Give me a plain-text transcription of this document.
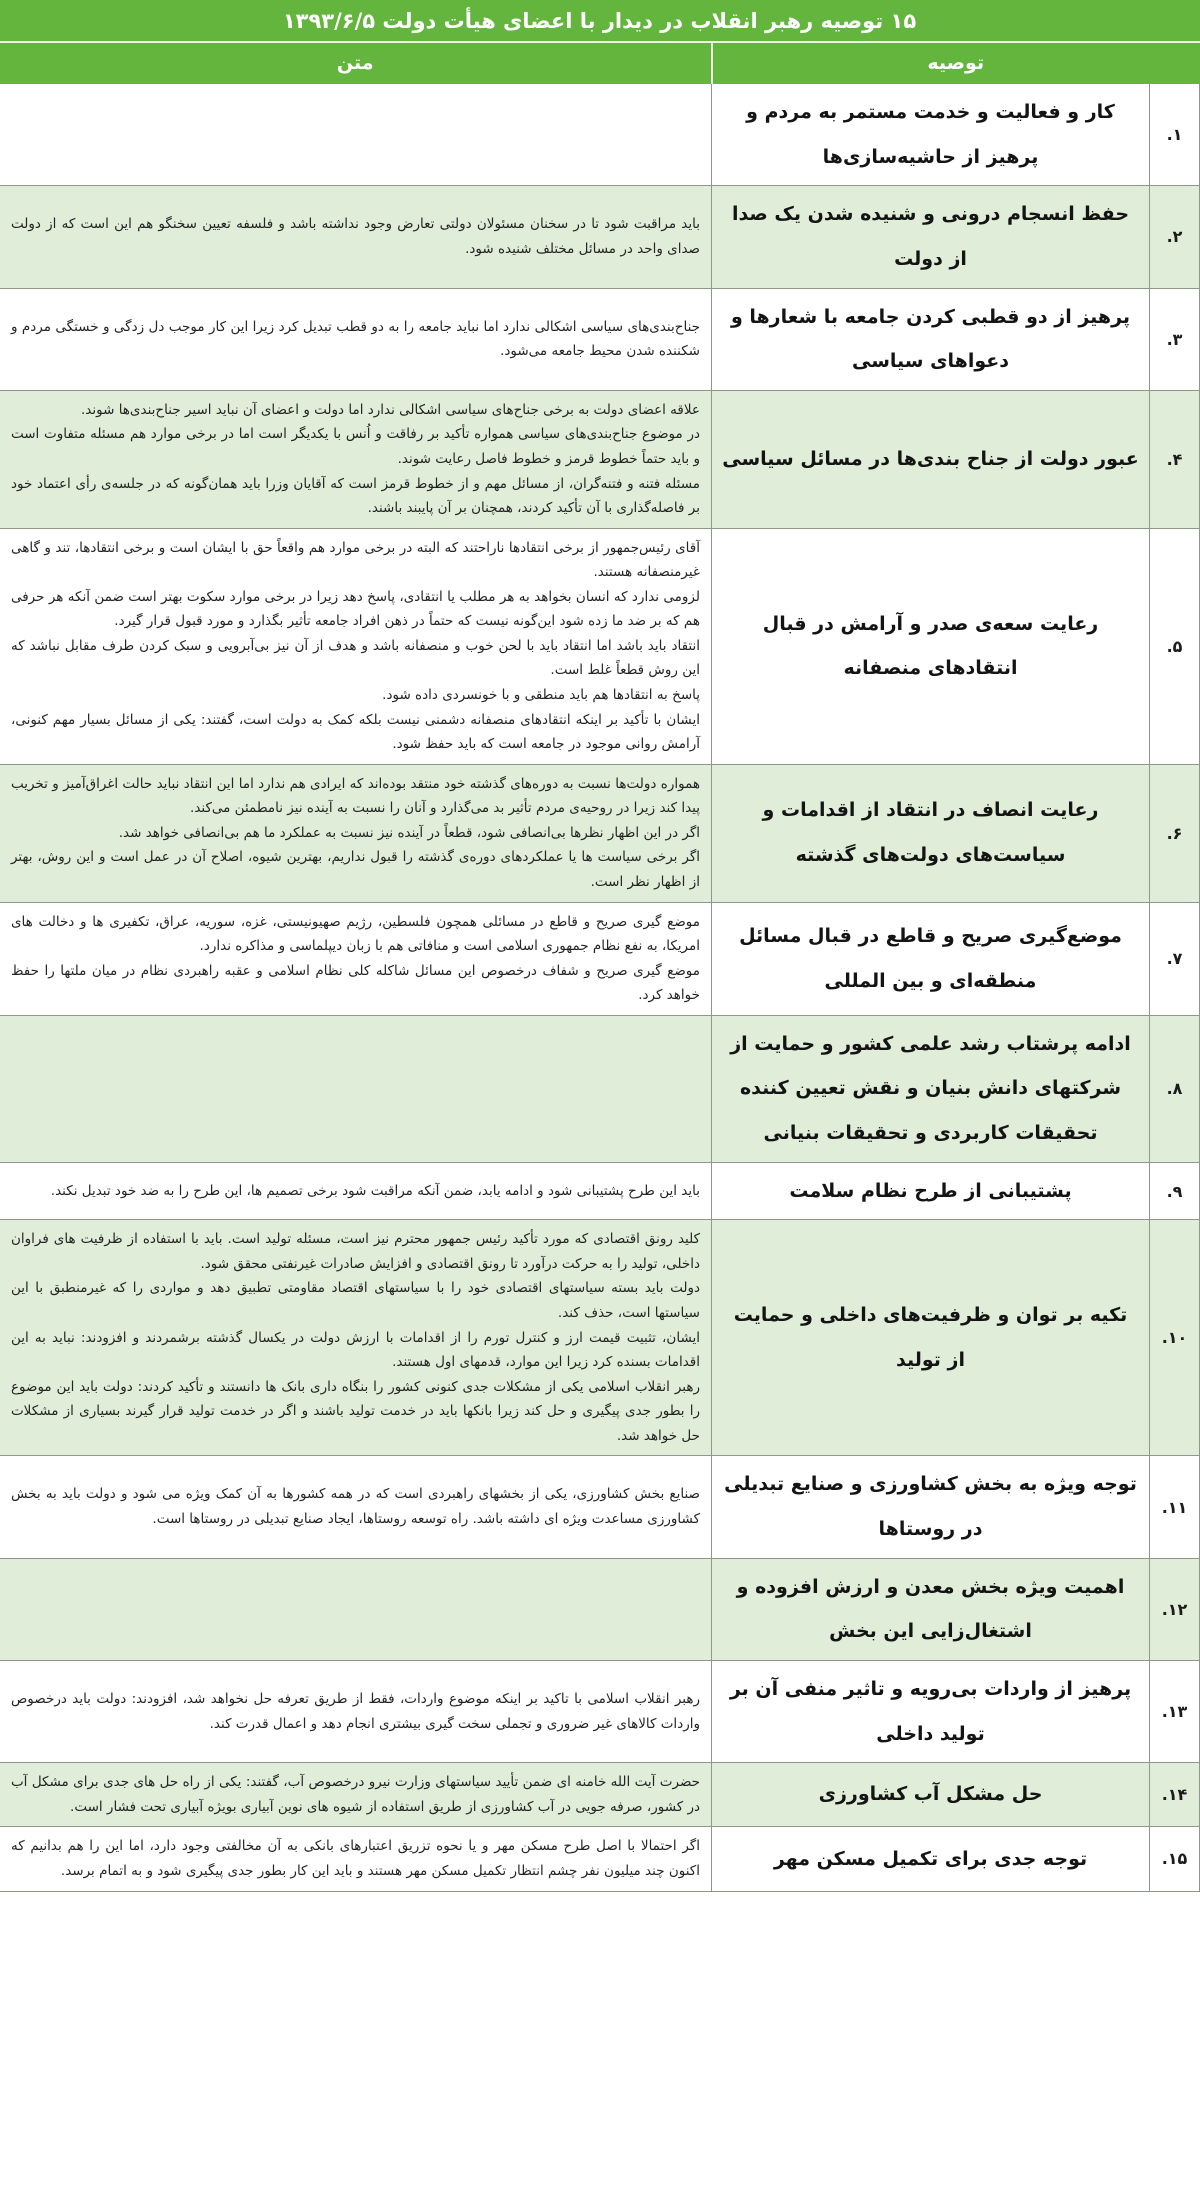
۱۵ توصیه رهبر انقلاب در دیدار با اعضای هیأت دولت ۱۳۹۳/۶/۵		
توصیه		متن
۱.	کار و فعالیت و خدمت مستمر به مردم و پرهیز از حاشیه‌سازی‌ها	
۲.	حفظ انسجام درونی و شنیده شدن یک صدا از دولت	باید مراقبت شود تا در سخنان مسئولان دولتی تعارض وجود نداشته باشد و فلسفه تعیین سخنگو هم این است که از دولت صدای واحد در مسائل مختلف شنیده شود.

۳.	پرهیز از دو قطبی کردن جامعه با شعارها و دعواهای سیاسی	جناح‌بندی‌های سیاسی اشکالی ندارد اما نباید جامعه را به دو قطب تبدیل کرد زیرا این کار موجب دل زدگی و خستگی مردم و شکننده شدن محیط جامعه می‌شود.

۴.	عبور دولت از جناح بندی‌ها در مسائل سیاسی	علاقه اعضای دولت به برخی جناح‌های سیاسی اشکالی ندارد اما دولت و اعضای آن نباید اسیر جناح‌بندی‌ها شوند.

در موضوع جناح‌بندی‌های سیاسی همواره تأکید بر رفاقت و اُنس با یکدیگر است اما در برخی موارد هم مسئله متفاوت است و باید حتماً خطوط قرمز و خطوط فاصل رعایت شوند.

مسئله فتنه و فتنه‌گران، از مسائل مهم و از خطوط قرمز است که آقایان وزرا باید همان‌گونه که در جلسه‌ی رأی اعتماد خود بر فاصله‌گذاری با آن تأکید کردند، همچنان بر آن پایبند باشند.

۵.	رعایت سعه‌ی صدر و آرامش در قبال انتقادهای منصفانه	آقای رئیس‌جمهور از برخی انتقادها ناراحتند که البته در برخی موارد هم واقعاً حق با ایشان است و برخی انتقادها، تند و گاهی غیرمنصفانه هستند.

لزومی ندارد که انسان بخواهد به هر مطلب یا انتقادی، پاسخ دهد زیرا در برخی موارد سکوت بهتر است ضمن آنکه هر حرفی هم که بر ضد ما زده شود این‌گونه نیست که حتماً در ذهن افراد جامعه تأثیر بگذارد و مورد قبول قرار گیرد.

انتقاد باید باشد اما انتقاد باید با لحن خوب و منصفانه باشد و هدف از آن نیز بی‌آبرویی و سبک کردن طرف مقابل نباشد که این روش قطعاً غلط است.

پاسخ به انتقادها هم باید منطقی و با خونسردی داده شود.

ایشان با تأکید بر اینکه انتقادهای منصفانه دشمنی نیست بلکه کمک به دولت است، گفتند: یکی از مسائل بسیار مهم کنونی، آرامش روانی موجود در جامعه است که باید حفظ شود.

۶.	رعایت انصاف در انتقاد از اقدامات و سیاست‌های دولت‌های گذشته	همواره دولت‌ها نسبت به دوره‌های گذشته خود منتقد بوده‌اند که ایرادی هم ندارد اما این انتقاد نباید حالت اغراق‌آمیز و تخریب پیدا کند زیرا در روحیه‌ی مردم تأثیر بد می‌گذارد و آنان را نسبت به آینده نیز نامطمئن می‌کند.

اگر در این اظهار نظرها بی‌انصافی شود، قطعاً در آینده نیز نسبت به عملکرد ما هم بی‌انصافی خواهد شد.

اگر برخی سیاست ها یا عملکردهای دوره‌ی گذشته را قبول نداریم، بهترین شیوه، اصلاح آن در عمل است و این روش، بهتر از اظهار نظر است.

۷.	موضع‌گیری صریح و قاطع در قبال مسائل منطقه‌ای و بین المللی	موضع گیری صریح و قاطع در مسائلی همچون فلسطین، رژیم صهیونیستی، غزه، سوریه، عراق، تکفیری ها و دخالت های امریکا، به نفع نظام جمهوری اسلامی است و منافاتی هم با زبان دیپلماسی و مذاکره ندارد.

موضع گیری صریح و شفاف درخصوص این مسائل شاکله کلی نظام اسلامی و عقبه راهبردی نظام در میان ملتها را حفظ خواهد کرد.

۸.	ادامه پرشتاب رشد علمی کشور و حمایت از شرکتهای دانش بنیان و نقش تعیین کننده تحقیقات کاربردی و تحقیقات بنیانی	
۹.	پشتیبانی از طرح نظام سلامت	باید این طرح پشتیبانی شود و ادامه یابد، ضمن آنکه مراقبت شود برخی تصمیم ها، این طرح را به ضد خود تبدیل نکند.

۱۰.	تکیه بر توان و ظرفیت‌های داخلی و حمایت از تولید	کلید رونق اقتصادی که مورد تأکید رئیس جمهور محترم نیز است، مسئله تولید است. باید با استفاده از ظرفیت های فراوان داخلی، تولید را به حرکت درآورد تا رونق اقتصادی و افزایش صادرات غیرنفتی محقق شود.

دولت باید بسته سیاستهای اقتصادی خود را با سیاستهای اقتصاد مقاومتی تطبیق دهد و مواردی را که غیرمنطبق با این سیاستها است، حذف کند.

ایشان، تثبیت قیمت ارز و کنترل تورم را از اقدامات با ارزش دولت در یکسال گذشته برشمردند و افزودند: نباید به این اقدامات بسنده کرد زیرا این موارد، قدمهای اول هستند.

رهبر انقلاب اسلامی یکی از مشکلات جدی کنونی کشور را بنگاه داری بانک ها دانستند و تأکید کردند: دولت باید این موضوع را بطور جدی پیگیری و حل کند زیرا بانکها باید در خدمت تولید باشند و اگر در خدمت تولید قرار گیرند بسیاری از مشکلات حل خواهد شد.

۱۱.	توجه ویژه به بخش کشاورزی و صنایع تبدیلی در روستاها	صنایع بخش کشاورزی، یکی از بخشهای راهبردی است که در همه کشورها به آن کمک ویژه می شود و دولت باید به بخش کشاورزی مساعدت ویژه ای داشته باشد. راه توسعه روستاها، ایجاد صنایع تبدیلی در روستاها است.

۱۲.	اهمیت ویژه بخش معدن و ارزش افزوده و اشتغال‌زایی این بخش	
۱۳.	پرهیز از واردات بی‌رویه و تاثیر منفی آن بر تولید داخلی	رهبر انقلاب اسلامی با تاکید بر اینکه موضوع واردات، فقط از طریق تعرفه حل نخواهد شد، افزودند: دولت باید درخصوص واردات کالاهای غیر ضروری و تجملی سخت گیری بیشتری انجام دهد و اعمال قدرت کند.

۱۴.	حل مشکل آب کشاورزی	حضرت آیت الله خامنه ای ضمن تأیید سیاستهای وزارت نیرو درخصوص آب، گفتند: یکی از راه حل های جدی برای مشکل آب در کشور، صرفه جویی در آب کشاورزی از طریق استفاده از شیوه های نوین آبیاری بویژه آبیاری تحت فشار است.

۱۵.	توجه جدی برای تکمیل مسکن مهر	اگر احتمالا با اصل طرح مسکن مهر و یا نحوه تزریق اعتبارهای بانکی به آن مخالفتی وجود دارد، اما این را هم بدانیم که اکنون چند میلیون نفر چشم انتظار تکمیل مسکن مهر هستند و باید این کار بطور جدی پیگیری شود و به اتمام برسد.
